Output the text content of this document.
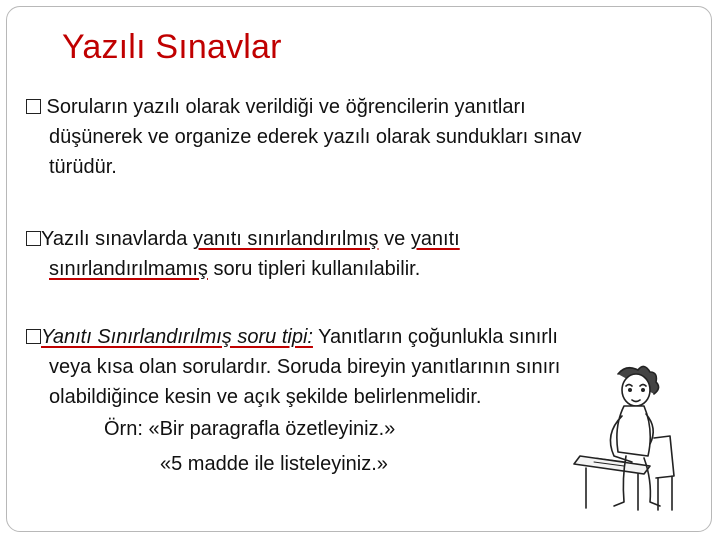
Yazılı Sınavlar
Soruların yazılı olarak verildiği ve öğrencilerin yanıtları
düşünerek ve organize ederek yazılı olarak sundukları sınav
türüdür.
Yazılı sınavlarda yanıtı sınırlandırılmış ve yanıtı
sınırlandırılmamış soru tipleri kullanılabilir.
Yanıtı Sınırlandırılmış soru tipi: Yanıtların çoğunlukla sınırlı
veya kısa olan sorulardır. Soruda bireyin yanıtlarının sınırı
olabildiğince kesin ve açık şekilde belirlenmelidir.
Örn: «Bir paragrafla özetleyiniz.»
«5 madde ile listeleyiniz.»
